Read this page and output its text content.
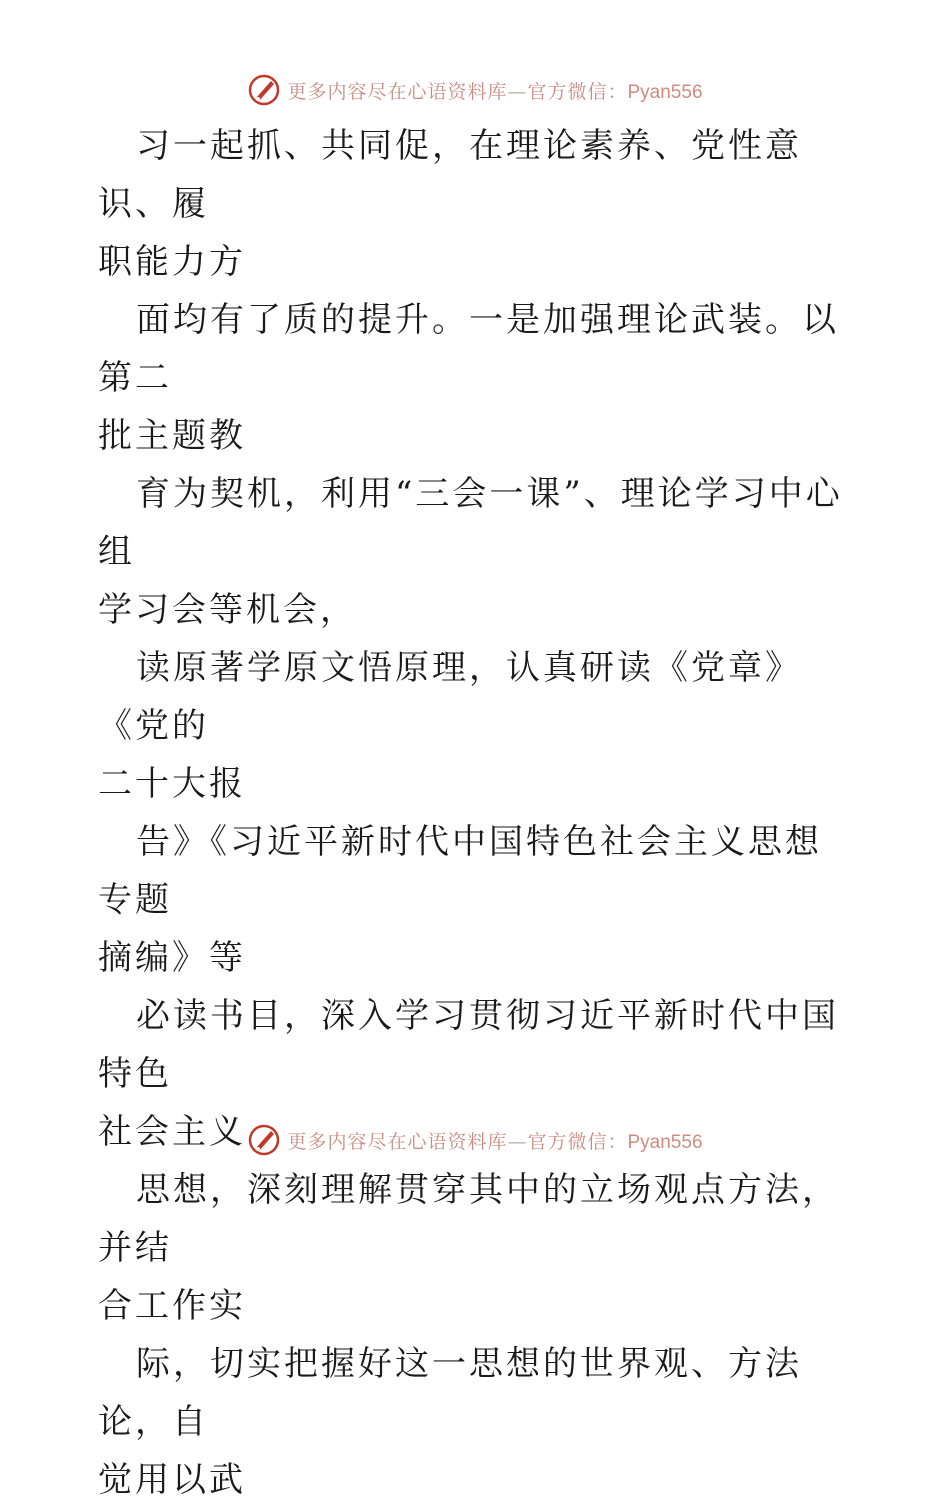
更多内容尽在心语资料库—官方微信：Pyan556

习一起抓、共同促，在理论素养、党性意识、履
职能力方

面均有了质的提升。一是加强理论武装。以第二
批主题教

育为契机，利用“三会一课”、理论学习中心组
学习会等机会，

读原著学原文悟原理，认真研读《党章》《党的
二十大报

告》《习近平新时代中国特色社会主义思想专题
摘编》等

必读书目，深入学习贯彻习近平新时代中国特色
社会主义

思想，深刻理解贯穿其中的立场观点方法，并结
合工作实

际，切实把握好这一思想的世界观、方法论，自
觉用以武

更多内容尽在心语资料库—官方微信：Pyan556
